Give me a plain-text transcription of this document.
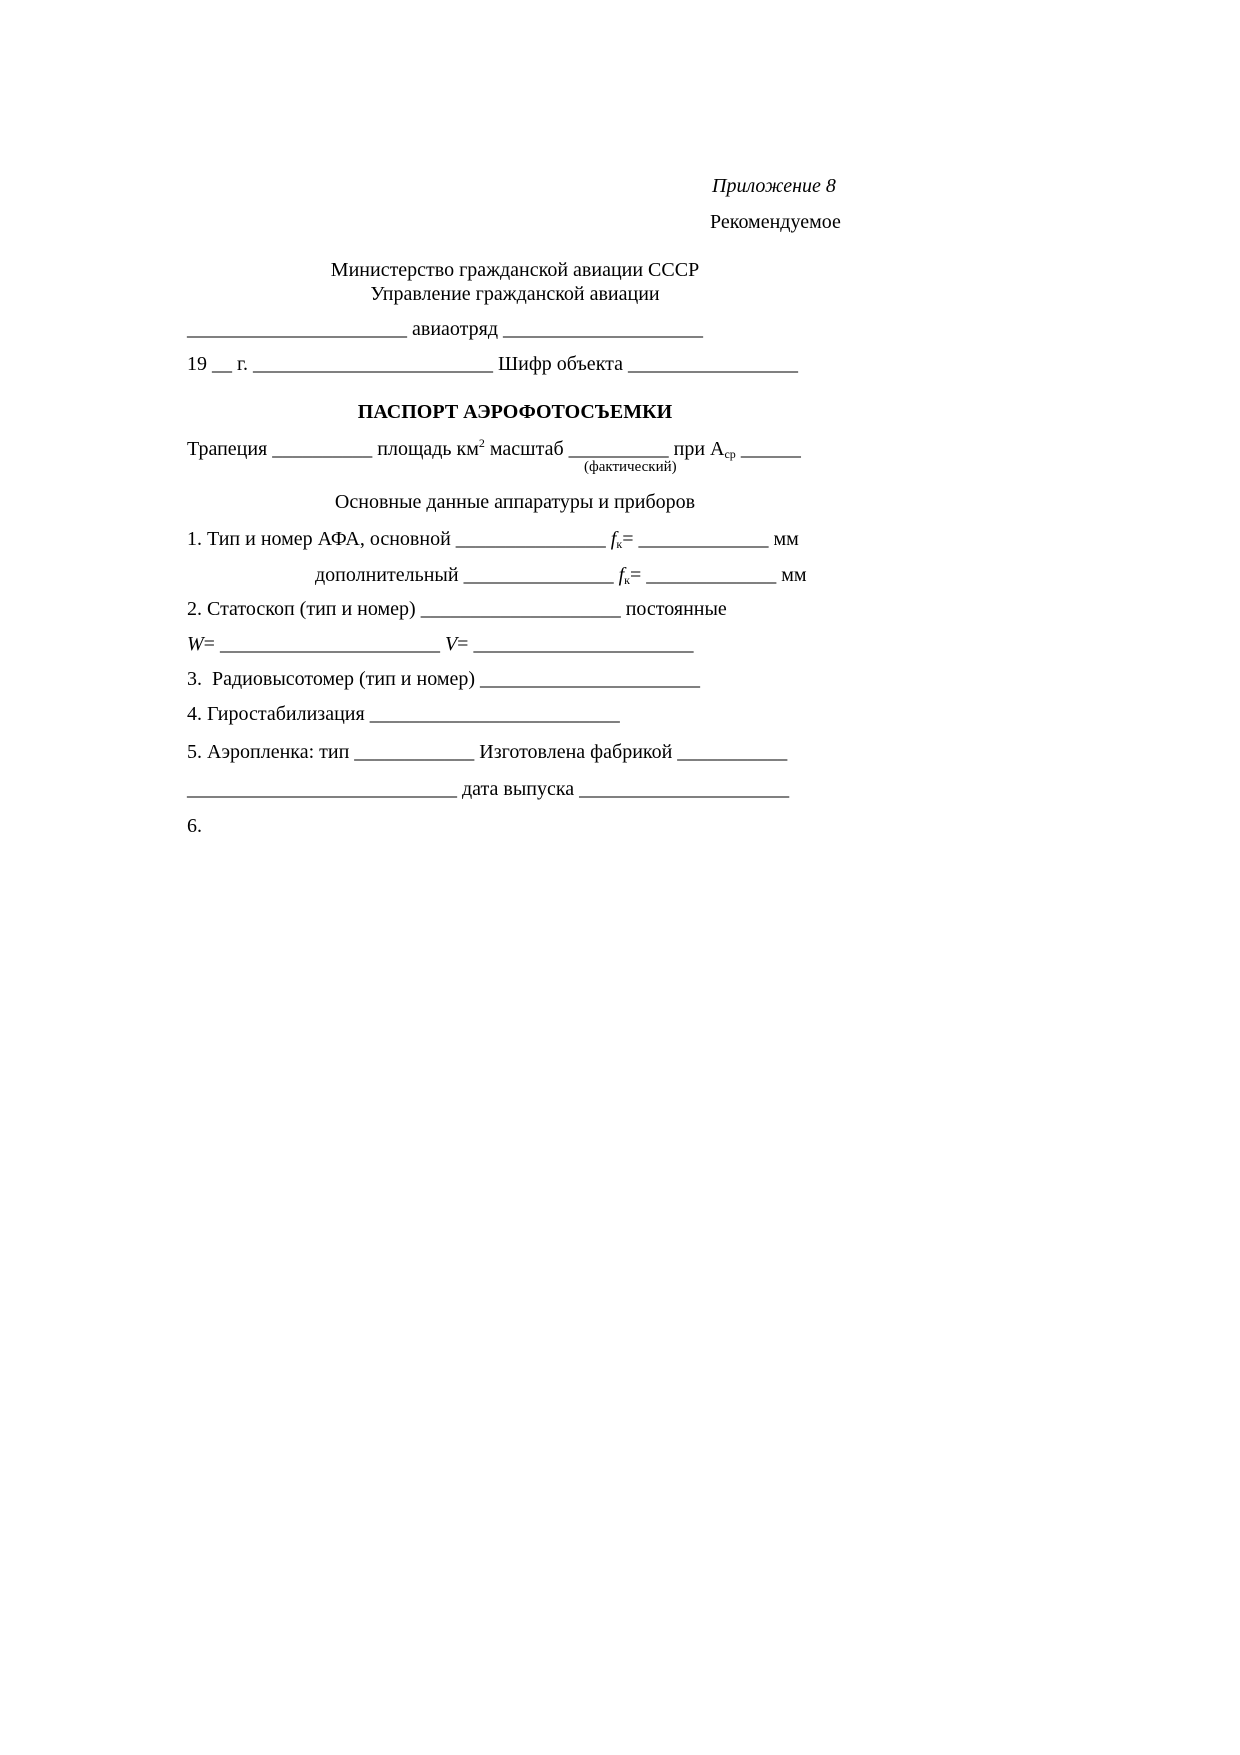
Приложение 8
Рекомендуемое
Министерство гражданской авиации СССР
Управление гражданской авиации
______________________ авиаотряд ____________________
19 __ г. ________________________ Шифр объекта _________________
ПАСПОРТ АЭРОФОТОСЪЕМКИ
Трапеция __________ площадь $км^2$ масштаб __________ при $А_{ср}$ ______
(фактический)
Основные данные аппаратуры и приборов
1. Тип и номер АФА, основной _______________ $f_к=$ _____________ мм
дополнительный _______________ $f_к=$ _____________ мм
2. Статоскоп (тип и номер) ____________________ постоянные
W= ______________________ V= ______________________
3. Радиовысотомер (тип и номер) ______________________
4. Гиростабилизация _________________________
5. Аэропленка: тип ____________ Изготовлена фабрикой ___________
___________________________ дата выпуска _____________________
6.
